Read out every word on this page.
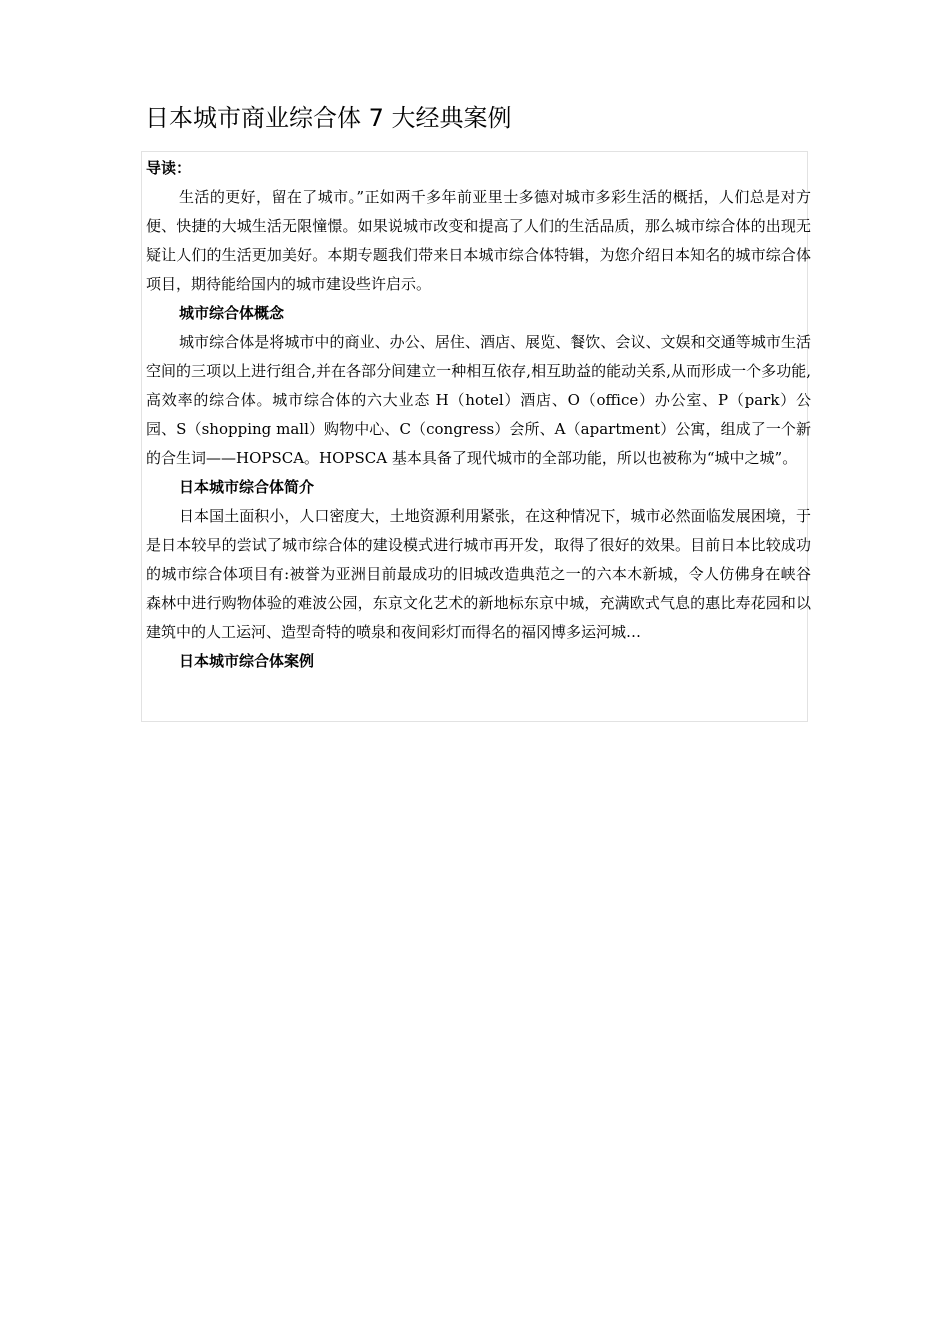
日本城市商业综合体 7 大经典案例

导读：

生活的更好，留在了城市。”正如两千多年前亚里士多德对城市多彩生活的概括，人们总是对方便、快捷的大城生活无限憧憬。如果说城市改变和提高了人们的生活品质，那么城市综合体的出现无疑让人们的生活更加美好。本期专题我们带来日本城市综合体特辑，为您介绍日本知名的城市综合体项目，期待能给国内的城市建设些许启示。

城市综合体概念

城市综合体是将城市中的商业、办公、居住、酒店、展览、餐饮、会议、文娱和交通等城市生活空间的三项以上进行组合,并在各部分间建立一种相互依存,相互助益的能动关系,从而形成一个多功能,高效率的综合体。城市综合体的六大业态 H（hotel）酒店、O（office）办公室、P（park）公园、S（shopping mall）购物中心、C（congress）会所、A（apartment）公寓，组成了一个新的合生词——HOPSCA。HOPSCA 基本具备了现代城市的全部功能，所以也被称为“城中之城”。

日本城市综合体简介

日本国土面积小，人口密度大，土地资源利用紧张，在这种情况下，城市必然面临发展困境，于是日本较早的尝试了城市综合体的建设模式进行城市再开发，取得了很好的效果。目前日本比较成功的城市综合体项目有:被誉为亚洲目前最成功的旧城改造典范之一的六本木新城，令人仿佛身在峡谷森林中进行购物体验的难波公园，东京文化艺术的新地标东京中城，充满欧式气息的惠比寿花园和以建筑中的人工运河、造型奇特的喷泉和夜间彩灯而得名的福冈博多运河城…

日本城市综合体案例
